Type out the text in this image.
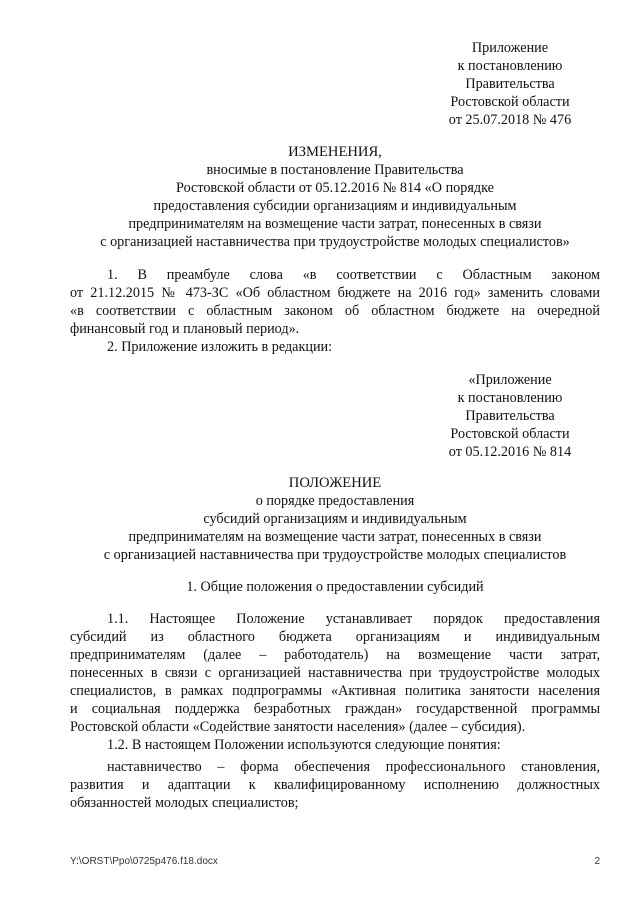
Приложение
к постановлению
Правительства
Ростовской области
от 25.07.2018 № 476
ИЗМЕНЕНИЯ,
вносимые в постановление Правительства
Ростовской области от 05.12.2016 № 814 «О порядке
предоставления субсидии организациям и индивидуальным
предпринимателям на возмещение части затрат, понесенных в связи
с организацией наставничества при трудоустройстве молодых специалистов»
1. В преамбуле слова «в соответствии с Областным законом
от 21.12.2015 № 473-ЗС «Об областном бюджете на 2016 год» заменить словами
«в соответствии с областным законом об областном бюджете на очередной
финансовый год и плановый период».
2. Приложение изложить в редакции:
«Приложение
к постановлению
Правительства
Ростовской области
от 05.12.2016 № 814
ПОЛОЖЕНИЕ
о порядке предоставления
субсидий организациям и индивидуальным
предпринимателям на возмещение части затрат, понесенных в связи
с организацией наставничества при трудоустройстве молодых специалистов
1. Общие положения о предоставлении субсидий
1.1. Настоящее Положение устанавливает порядок предоставления
субсидий из областного бюджета организациям и индивидуальным
предпринимателям (далее – работодатель) на возмещение части затрат,
понесенных в связи с организацией наставничества при трудоустройстве молодых
специалистов, в рамках подпрограммы «Активная политика занятости населения
и социальная поддержка безработных граждан» государственной программы
Ростовской области «Содействие занятости населения» (далее – субсидия).
1.2. В настоящем Положении используются следующие понятия:
наставничество – форма обеспечения профессионального становления,
развития и адаптации к квалифицированному исполнению должностных
обязанностей молодых специалистов;
Y:\ORST\Ppo\0725p476.f18.docx	2
